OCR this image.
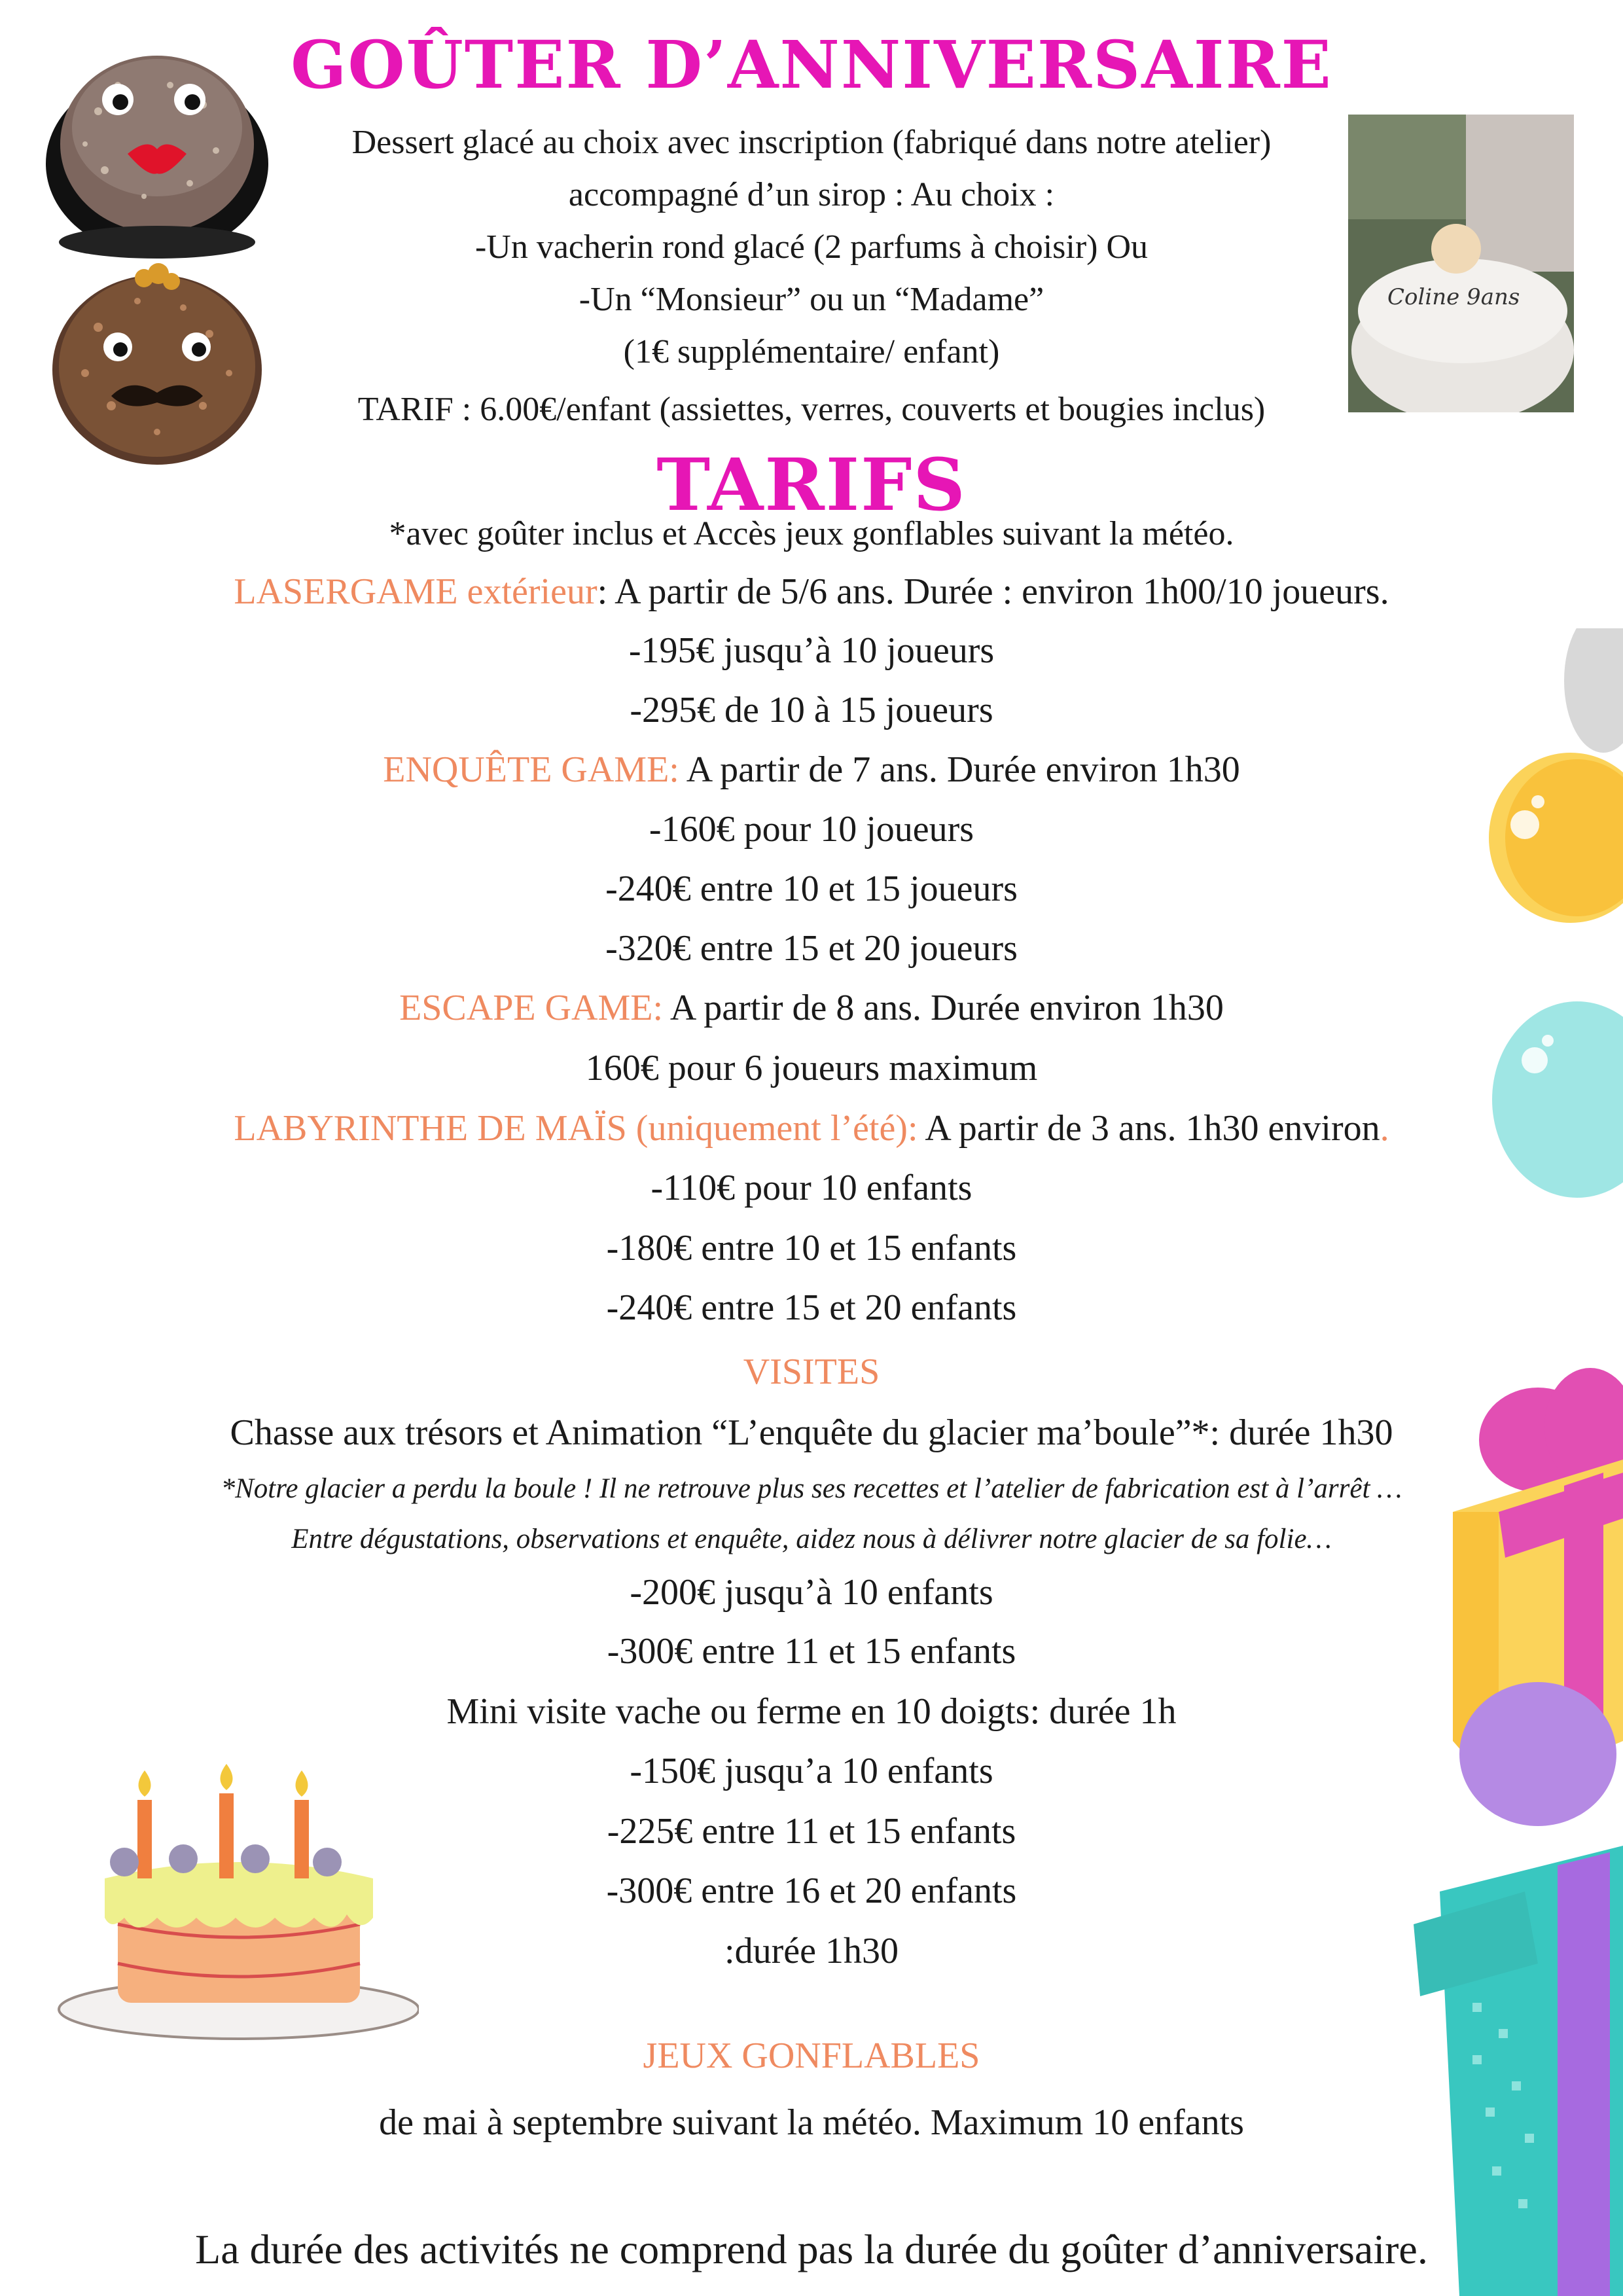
Coline 9ans
GOÛTER D’ANNIVERSAIRE
Dessert glacé au choix avec inscription (fabriqué dans notre atelier)
accompagné d’un sirop : Au choix :
-Un vacherin rond glacé (2 parfums à choisir) Ou
-Un “Monsieur” ou un “Madame”
(1€ supplémentaire/ enfant)
TARIF : 6.00€/enfant (assiettes, verres, couverts et bougies inclus)
TARIFS
*avec goûter inclus et Accès jeux gonflables suivant la météo.
LASERGAME extérieur: A partir de 5/6 ans. Durée : environ 1h00/10 joueurs.
-195€ jusqu’à 10 joueurs
-295€ de 10 à 15 joueurs
ENQUÊTE GAME: A partir de 7 ans. Durée environ 1h30
-160€ pour 10 joueurs
-240€ entre 10 et 15 joueurs
-320€ entre 15 et 20 joueurs
ESCAPE GAME: A partir de 8 ans. Durée environ 1h30
160€ pour 6 joueurs maximum
LABYRINTHE DE MAÏS (uniquement l’été): A partir de 3 ans. 1h30 environ.
-110€ pour 10 enfants
-180€ entre 10 et 15 enfants
-240€ entre 15 et 20 enfants
VISITES
Chasse aux trésors et Animation “L’enquête du glacier ma’boule”*: durée 1h30
*Notre glacier a perdu la boule ! Il ne retrouve plus ses recettes et l’atelier de fabrication est à l’arrêt …
Entre dégustations, observations et enquête, aidez nous à délivrer notre glacier de sa folie…
-200€ jusqu’à 10 enfants
-300€ entre 11 et 15 enfants
Mini visite vache ou ferme en 10 doigts: durée 1h
-150€ jusqu’a 10 enfants
-225€ entre 11 et 15 enfants
-300€ entre 16 et 20 enfants
:durée 1h30
JEUX GONFLABLES
de mai à septembre suivant la météo. Maximum 10 enfants
La durée des activités ne comprend pas la durée du goûter d’anniversaire.
